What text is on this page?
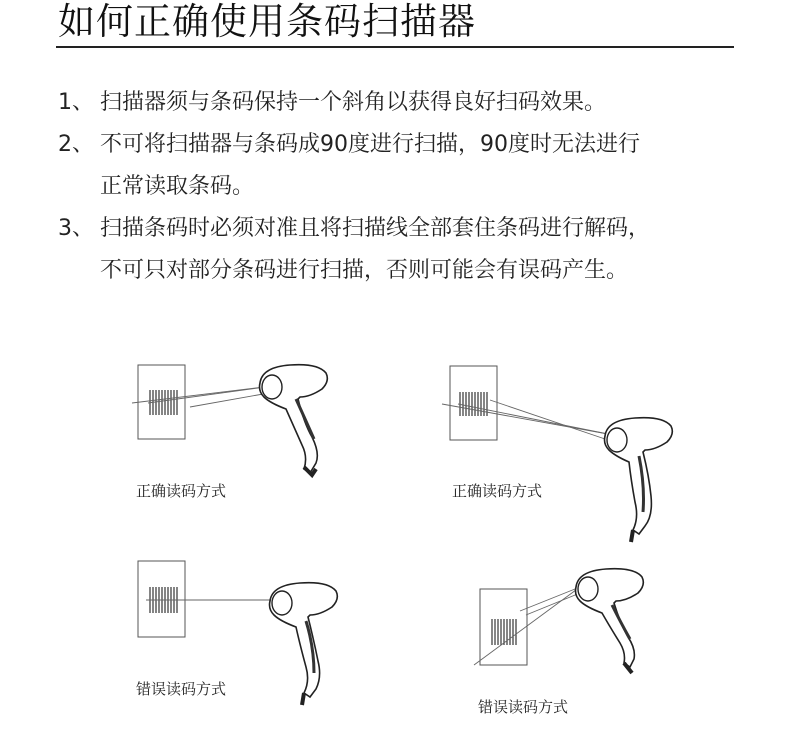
如何正确使用条码扫描器
1、 扫描器须与条码保持一个斜角以获得良好扫码效果。
2、 不可将扫描器与条码成90度进行扫描，90度时无法进行
正常读取条码。
3、 扫描条码时必须对准且将扫描线全部套住条码进行解码，
不可只对部分条码进行扫描，否则可能会有误码产生。
正确读码方式	正确读码方式
错误读码方式
错误读码方式
